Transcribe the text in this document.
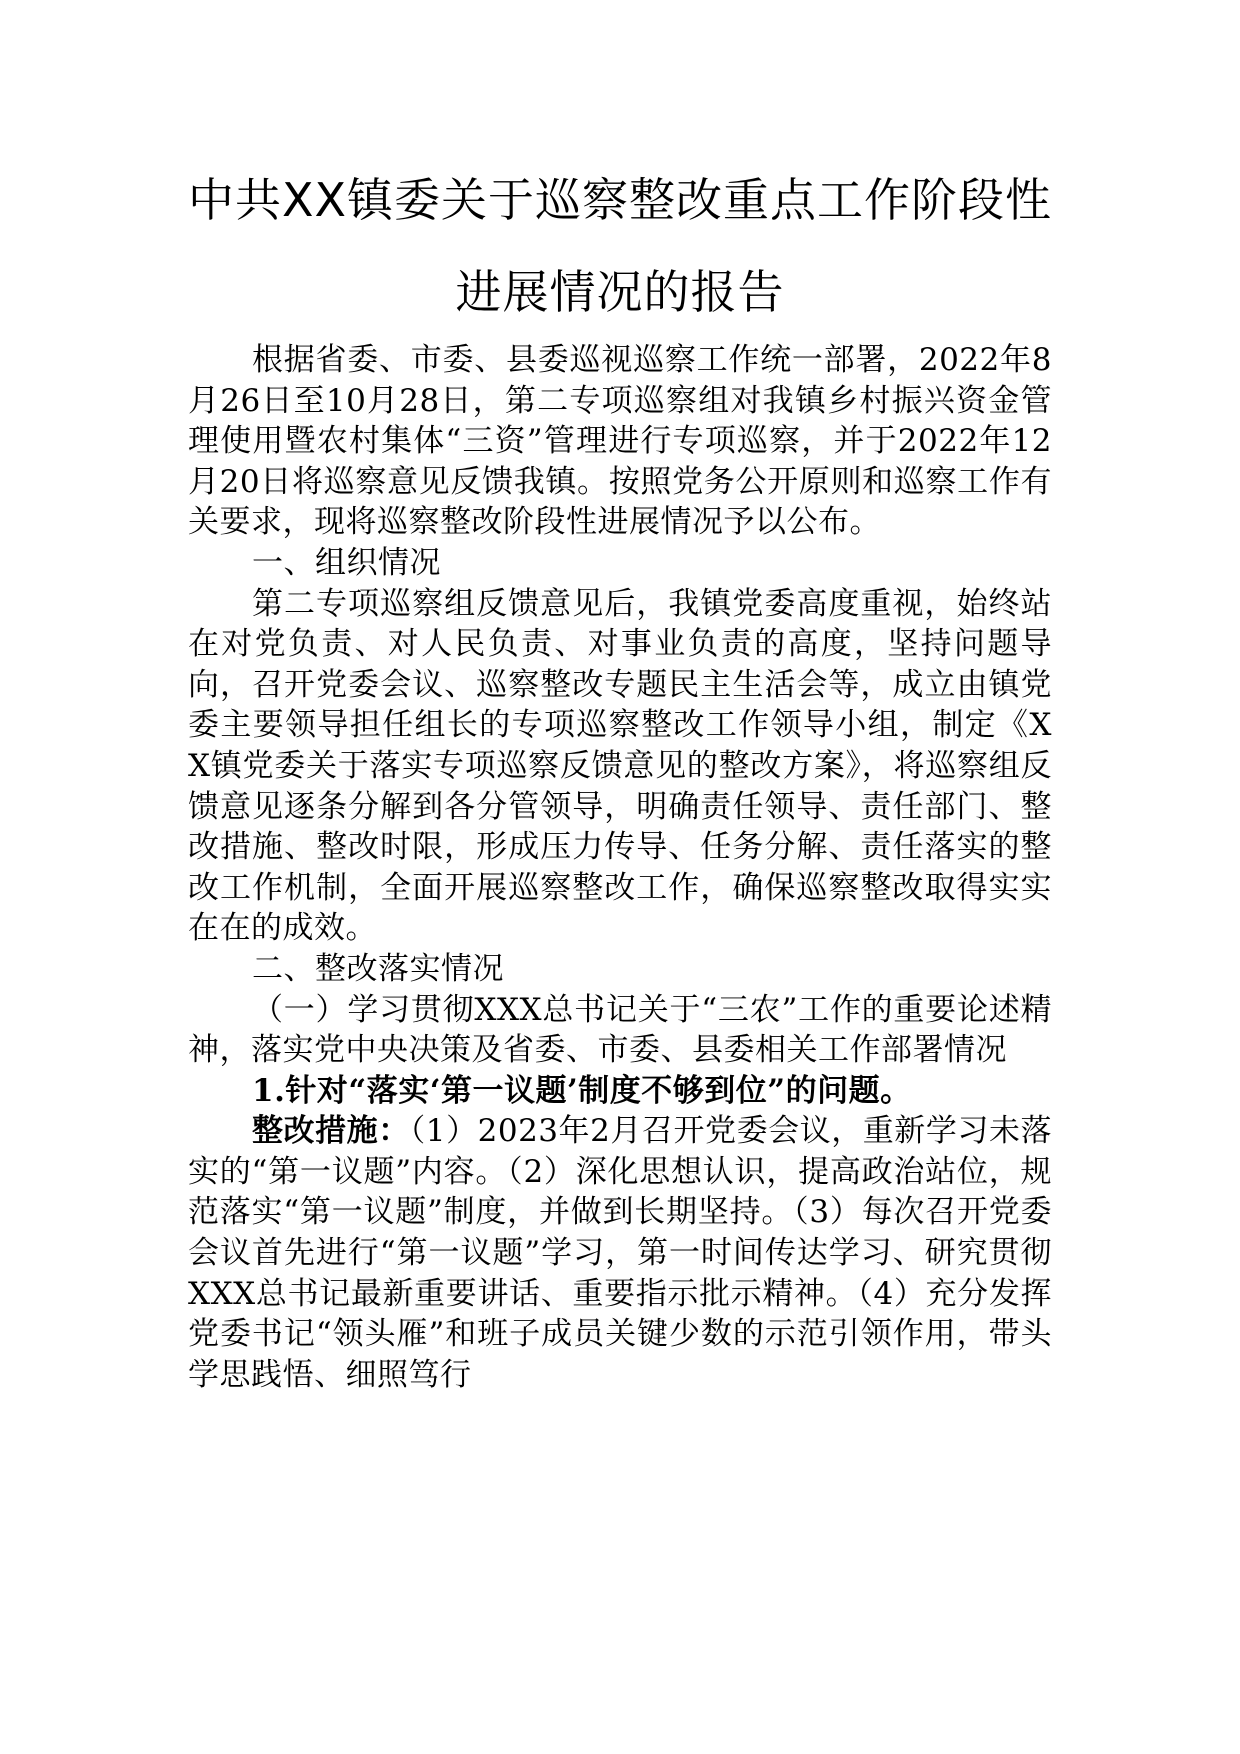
中共XX镇委关于巡察整改重点工作阶段性
进展情况的报告

根据省委、市委、县委巡视巡察工作统一部署，2022年8月26日至10月28日，第二专项巡察组对我镇乡村振兴资金管理使用暨农村集体“三资”管理进行专项巡察，并于2022年12月20日将巡察意见反馈我镇。按照党务公开原则和巡察工作有关要求，现将巡察整改阶段性进展情况予以公布。

一、组织情况

第二专项巡察组反馈意见后，我镇党委高度重视，始终站在对党负责、对人民负责、对事业负责的高度，坚持问题导向，召开党委会议、巡察整改专题民主生活会等，成立由镇党委主要领导担任组长的专项巡察整改工作领导小组，制定《XX镇党委关于落实专项巡察反馈意见的整改方案》，将巡察组反馈意见逐条分解到各分管领导，明确责任领导、责任部门、整改措施、整改时限，形成压力传导、任务分解、责任落实的整改工作机制，全面开展巡察整改工作，确保巡察整改取得实实在在的成效。

二、整改落实情况

（一）学习贯彻XXX总书记关于“三农”工作的重要论述精神，落实党中央决策及省委、市委、县委相关工作部署情况

1.针对“落实‘第一议题’制度不够到位”的问题。

整改措施：（1）2023年2月召开党委会议，重新学习未落实的“第一议题”内容。（2）深化思想认识，提高政治站位，规范落实“第一议题”制度，并做到长期坚持。（3）每次召开党委会议首先进行“第一议题”学习，第一时间传达学习、研究贯彻XXX总书记最新重要讲话、重要指示批示精神。（4）充分发挥党委书记“领头雁”和班子成员关键少数的示范引领作用，带头学思践悟、细照笃行
